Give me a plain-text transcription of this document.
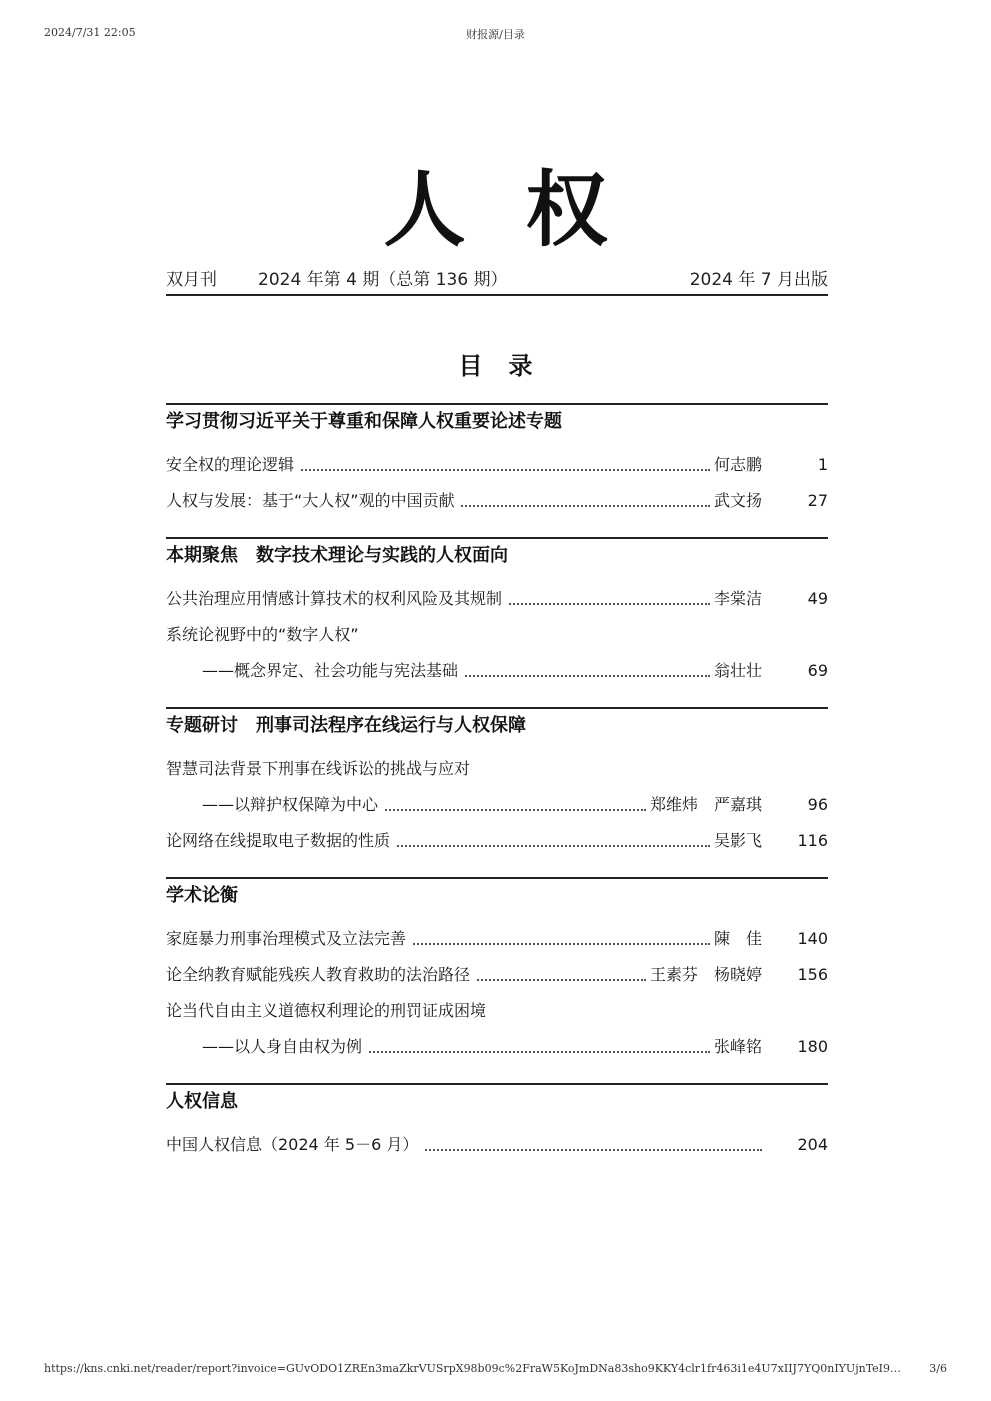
2024/7/31 22:05	财报源/目录
人权
双月刊 2024 年第 4 期（总第 136 期）	2024 年 7 月出版
目录
学习贯彻习近平关于尊重和保障人权重要论述专题
安全权的理论逻辑	何志鹏	1
人权与发展：基于“大人权”观的中国贡献	武文扬	27
本期聚焦　数字技术理论与实践的人权面向
公共治理应用情感计算技术的权利风险及其规制	李棠洁	49
系统论视野中的“数字人权”
——概念界定、社会功能与宪法基础	翁壮壮	69
专题研讨　刑事司法程序在线运行与人权保障
智慧司法背景下刑事在线诉讼的挑战与应对
——以辩护权保障为中心	郑维炜　严嘉琪	96
论网络在线提取电子数据的性质	吴影飞	116
学术论衡
家庭暴力刑事治理模式及立法完善	陳　佳	140
论全纳教育赋能残疾人教育救助的法治路径	王素芬　杨晓婷	156
论当代自由主义道德权利理论的刑罚证成困境
——以人身自由权为例	张峰铭	180
人权信息
中国人权信息（2024 年 5－6 月）	204
https://kns.cnki.net/reader/report?invoice=GUvODO1ZREn3maZkrVUSrpX98b09c%2FraW5KoJmDNa83sho9KKY4clr1fr463i1e4U7xIIJ7YQ0nIYUjnTeI9…	3/6
